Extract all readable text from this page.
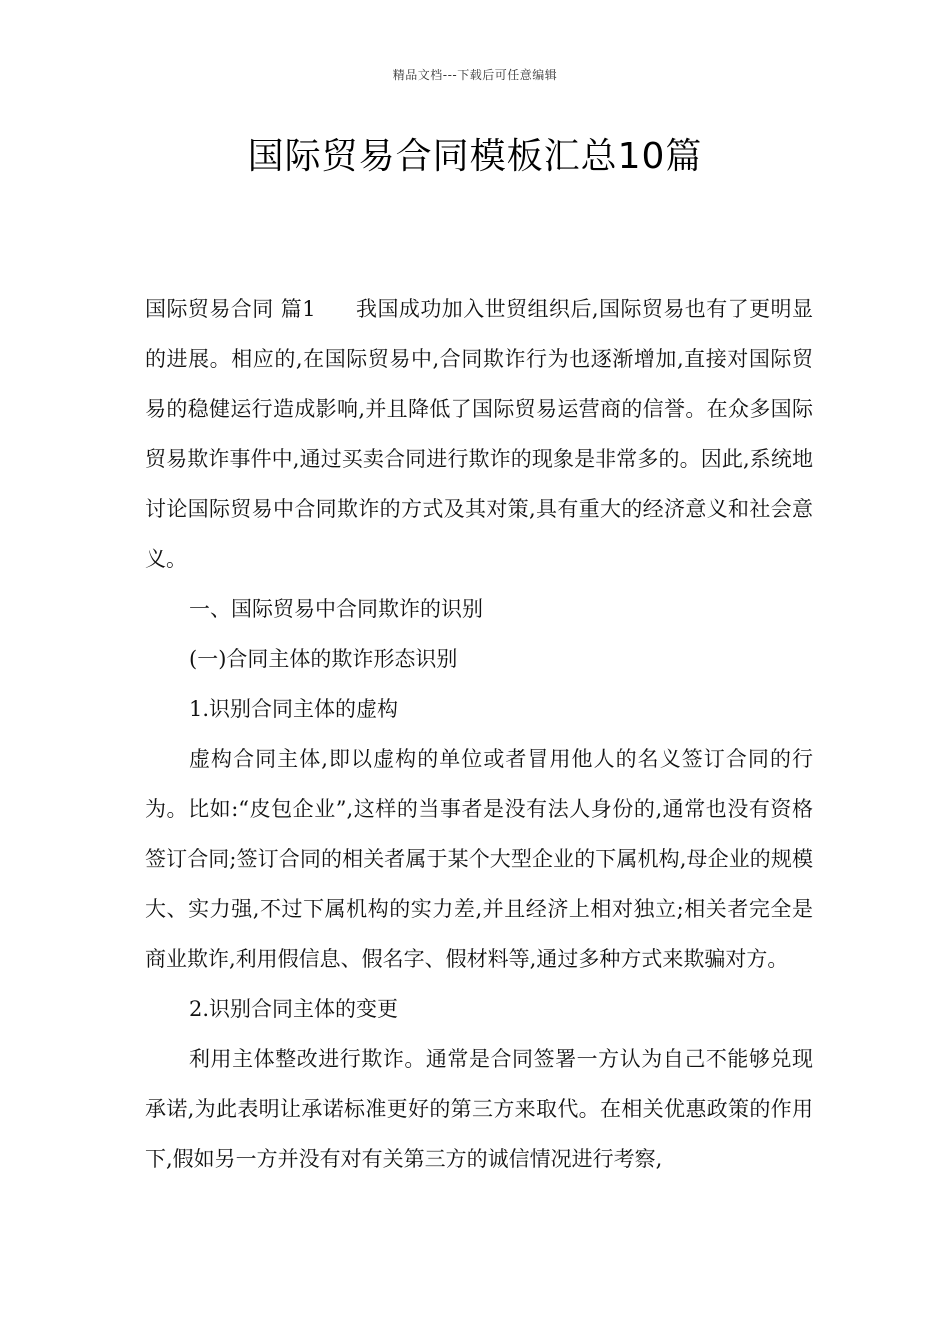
精品文档---下载后可任意编辑
国际贸易合同模板汇总10篇

国际贸易合同 篇1 我国成功加入世贸组织后,国际贸易也有了更明显的进展。相应的,在国际贸易中,合同欺诈行为也逐渐增加,直接对国际贸易的稳健运行造成影响,并且降低了国际贸易运营商的信誉。在众多国际贸易欺诈事件中,通过买卖合同进行欺诈的现象是非常多的。因此,系统地讨论国际贸易中合同欺诈的方式及其对策,具有重大的经济意义和社会意义。

一、国际贸易中合同欺诈的识别

(一)合同主体的欺诈形态识别

1.识别合同主体的虚构

虚构合同主体,即以虚构的单位或者冒用他人的名义签订合同的行为。比如:“皮包企业”,这样的当事者是没有法人身份的,通常也没有资格签订合同;签订合同的相关者属于某个大型企业的下属机构,母企业的规模大、实力强,不过下属机构的实力差,并且经济上相对独立;相关者完全是商业欺诈,利用假信息、假名字、假材料等,通过多种方式来欺骗对方。

2.识别合同主体的变更

利用主体整改进行欺诈。通常是合同签署一方认为自己不能够兑现承诺,为此表明让承诺标准更好的第三方来取代。在相关优惠政策的作用下,假如另一方并没有对有关第三方的诚信情况进行考察,
